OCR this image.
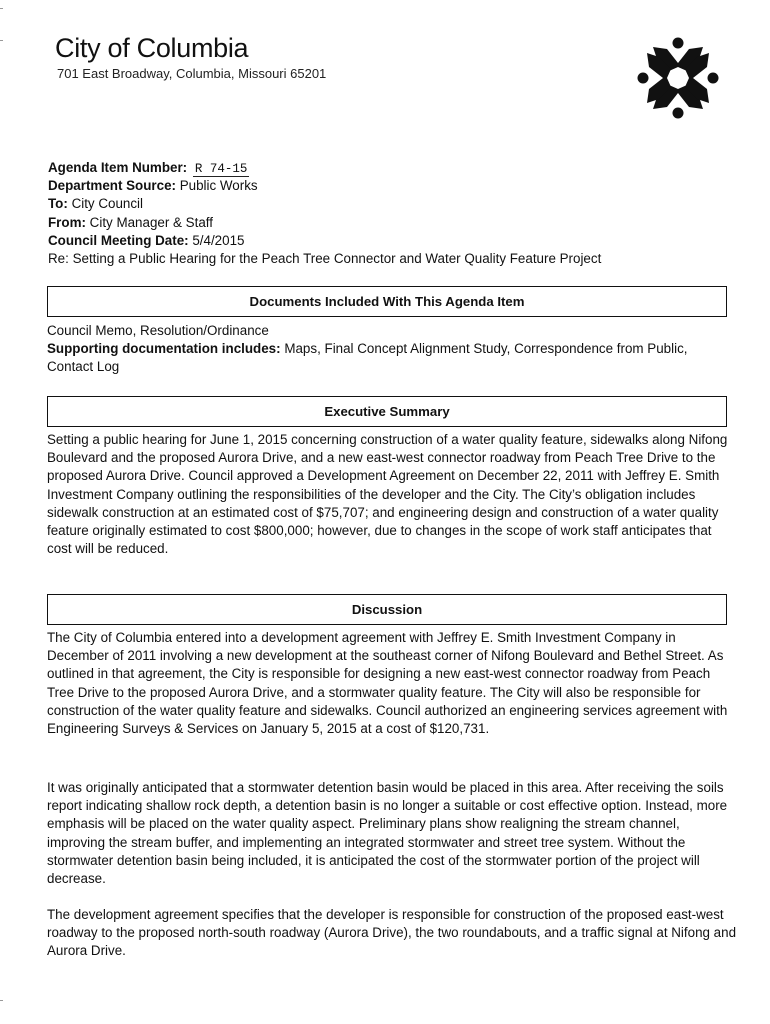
City of Columbia
701 East Broadway, Columbia, Missouri 65201
Agenda Item Number: R 74-15
Department Source: Public Works
To: City Council
From: City Manager & Staff
Council Meeting Date: 5/4/2015
Re: Setting a Public Hearing for the Peach Tree Connector and Water Quality Feature Project
Documents Included With This Agenda Item
Council Memo, Resolution/Ordinance
Supporting documentation includes: Maps, Final Concept Alignment Study, Correspondence from Public, Contact Log
Executive Summary
Setting a public hearing for June 1, 2015 concerning construction of a water quality feature, sidewalks along Nifong Boulevard and the proposed Aurora Drive, and a new east-west connector roadway from Peach Tree Drive to the proposed Aurora Drive. Council approved a Development Agreement on December 22, 2011 with Jeffrey E. Smith Investment Company outlining the responsibilities of the developer and the City. The City’s obligation includes sidewalk construction at an estimated cost of $75,707; and engineering design and construction of a water quality feature originally estimated to cost $800,000; however, due to changes in the scope of work staff anticipates that cost will be reduced.
Discussion
The City of Columbia entered into a development agreement with Jeffrey E. Smith Investment Company in December of 2011 involving a new development at the southeast corner of Nifong Boulevard and Bethel Street. As outlined in that agreement, the City is responsible for designing a new east-west connector roadway from Peach Tree Drive to the proposed Aurora Drive, and a stormwater quality feature. The City will also be responsible for construction of the water quality feature and sidewalks. Council authorized an engineering services agreement with Engineering Surveys & Services on January 5, 2015 at a cost of $120,731.
It was originally anticipated that a stormwater detention basin would be placed in this area. After receiving the soils report indicating shallow rock depth, a detention basin is no longer a suitable or cost effective option. Instead, more emphasis will be placed on the water quality aspect. Preliminary plans show realigning the stream channel, improving the stream buffer, and implementing an integrated stormwater and street tree system. Without the stormwater detention basin being included, it is anticipated the cost of the stormwater portion of the project will decrease.
The development agreement specifies that the developer is responsible for construction of the proposed east-west roadway to the proposed north-south roadway (Aurora Drive), the two roundabouts, and a traffic signal at Nifong and Aurora Drive.
